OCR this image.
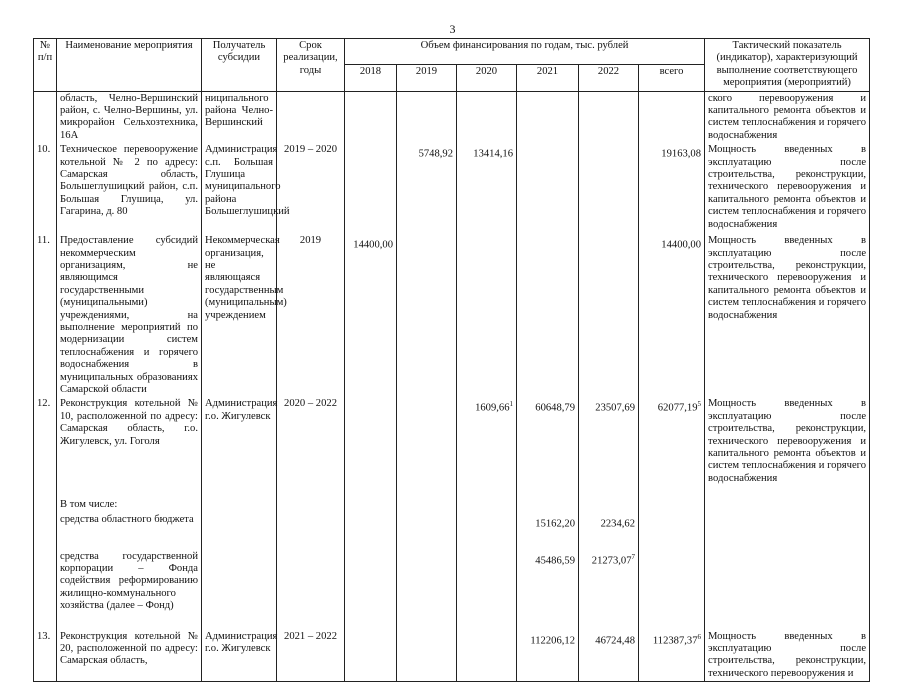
3
№ п/п	Наименование мероприятия	Получатель субсидии	Срок реализации, годы	Объем финансирования по годам, тыс. рублей						Тактический показатель (индикатор), характеризующий выполнение соответствующего мероприятия (мероприятий)
				2018	2019	2020	2021	2022	всего	
	область, Челно-Вершинский район, с. Челно-Вершины, ул. микрорайон Сельхозтехника, 16А	ниципального района Челно-Вершинский								ского перевооружения и капитального ремонта объектов и систем теплоснабжения и горячего водоснабжения
10.	Техническое перевооружение котельной № 2 по адресу: Самарская область, Большеглушицкий район, с.п. Большая Глушица, ул. Гагарина, д. 80	Администрация с.п. Большая Глушица муниципального района Большеглушицкий	2019 – 2020		5748,92	13414,16			19163,08	Мощность введенных в эксплуатацию после строительства, реконструкции, технического перевооружения и капитального ремонта объектов и систем теплоснабжения и горячего водоснабжения
11.	Предоставление субсидий некоммерческим организациям, не являющимся государственными (муниципальными) учреждениями, на выполнение мероприятий по модернизации систем теплоснабжения и горячего водоснабжения в муниципальных образованиях Самарской области	Некоммерческая организация, не являющаяся государственным (муниципальным) учреждением	2019	14400,00					14400,00	Мощность введенных в эксплуатацию после строительства, реконструкции, технического перевооружения и капитального ремонта объектов и систем теплоснабжения и горячего водоснабжения
12.	Реконструкция котельной № 10, расположенной по адресу: Самарская область, г.о. Жигулевск, ул. Гоголя	Администрация г.о. Жигулевск	2020 – 2022			1609,66$^1$	60648,79	23507,69	62077,19$^5$	Мощность введенных в эксплуатацию после строительства, реконструкции, технического перевооружения и капитального ремонта объектов и систем теплоснабжения и горячего водоснабжения
	В том числе:									
	средства областного бюджета						15162,20	2234,62		
	средства государственной корпорации – Фонда содействия реформированию жилищно-коммунального хозяйства (далее – Фонд)						45486,59	21273,07$^7$		
13.	Реконструкция котельной № 20, расположенной по адресу: Самарская область,	Администрация г.о. Жигулевск	2021 – 2022				112206,12	46724,48	112387,37$^6$	Мощность введенных в эксплуатацию после строительства, реконструкции, технического перевооружения и
